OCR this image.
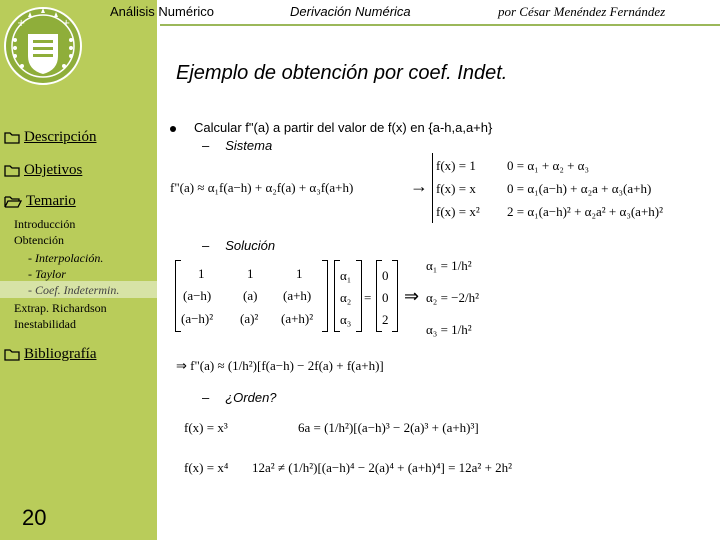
+	+
Descripción
Objetivos
Temario
Introducción
Obtención
- Interpolación.
- Taylor
- Coef. Indetermin.
Extrap. Richardson
Inestabilidad
Bibliografía
20
Análisis Numérico	Derivación Numérica	por César Menéndez Fernández
Ejemplo de obtención por coef. Indet.
Calcular f"(a) a partir del valor de f(x) en {a-h,a,a+h}
– Sistema
f"(a) ≈ α₁f(a−h) + α₂f(a) + α₃f(a+h)	→
f(x) = 1 0 = α₁ + α₂ + α₃
f(x) = x 0 = α₁(a−h) + α₂a + α₃(a+h)
f(x) = x² 2 = α₁(a−h)² + α₂a² + α₃(a+h)²
– Solución
1	1	1
(a−h) (a) (a+h)
(a−h)² (a)² (a+h)²
α₁
α₂
α₃
=
0
0
2
⇒
α₁ = 1/h²
α₂ = −2/h²
α₃ = 1/h²
⇒ f"(a) ≈ (1/h²)[f(a−h) − 2f(a) + f(a+h)]
– ¿Orden?
f(x) = x³	6a = (1/h²)[(a−h)³ − 2(a)³ + (a+h)³]
f(x) = x⁴ 12a² ≠ (1/h²)[(a−h)⁴ − 2(a)⁴ + (a+h)⁴] = 12a² + 2h²
